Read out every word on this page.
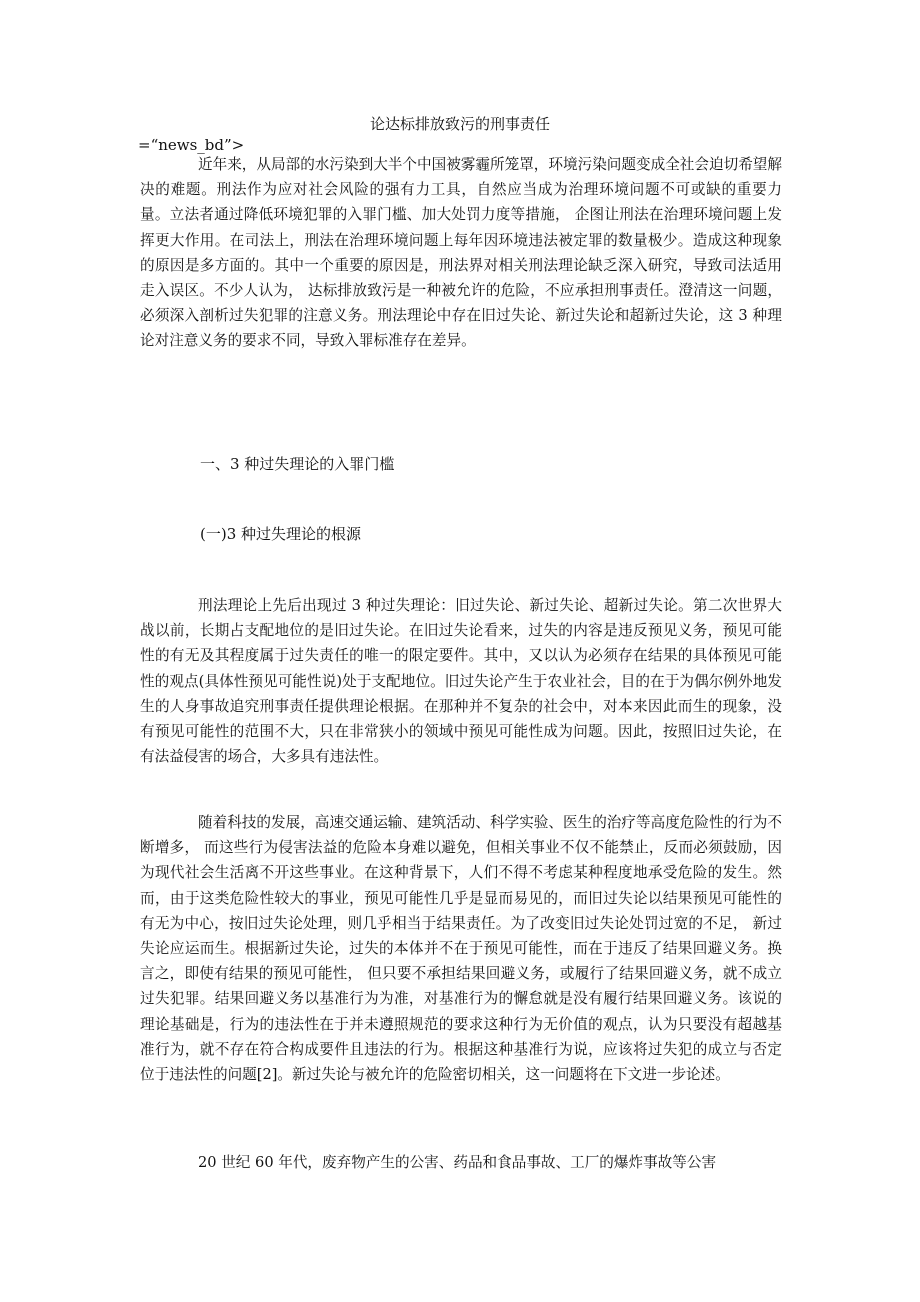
论达标排放致污的刑事责任
=“news_bd”>

近年来，从局部的水污染到大半个中国被雾霾所笼罩，环境污染问题变成全社会迫切希望解决的难题。刑法作为应对社会风险的强有力工具，自然应当成为治理环境问题不可或缺的重要力量。立法者通过降低环境犯罪的入罪门槛、加大处罚力度等措施， 企图让刑法在治理环境问题上发挥更大作用。在司法上，刑法在治理环境问题上每年因环境违法被定罪的数量极少。造成这种现象的原因是多方面的。其中一个重要的原因是，刑法界对相关刑法理论缺乏深入研究，导致司法适用走入误区。不少人认为， 达标排放致污是一种被允许的危险，不应承担刑事责任。澄清这一问题，必须深入剖析过失犯罪的注意义务。刑法理论中存在旧过失论、新过失论和超新过失论，这 3 种理论对注意义务的要求不同，导致入罪标准存在差异。

一、3 种过失理论的入罪门槛

(一)3 种过失理论的根源

刑法理论上先后出现过 3 种过失理论：旧过失论、新过失论、超新过失论。第二次世界大战以前，长期占支配地位的是旧过失论。在旧过失论看来，过失的内容是违反预见义务，预见可能性的有无及其程度属于过失责任的唯一的限定要件。其中，又以认为必须存在结果的具体预见可能性的观点(具体性预见可能性说)处于支配地位。旧过失论产生于农业社会，目的在于为偶尔例外地发生的人身事故追究刑事责任提供理论根据。在那种并不复杂的社会中，对本来因此而生的现象，没有预见可能性的范围不大，只在非常狭小的领域中预见可能性成为问题。因此，按照旧过失论，在有法益侵害的场合，大多具有违法性。

随着科技的发展，高速交通运输、建筑活动、科学实验、医生的治疗等高度危险性的行为不断增多， 而这些行为侵害法益的危险本身难以避免，但相关事业不仅不能禁止，反而必须鼓励，因为现代社会生活离不开这些事业。在这种背景下，人们不得不考虑某种程度地承受危险的发生。然而，由于这类危险性较大的事业，预见可能性几乎是显而易见的，而旧过失论以结果预见可能性的有无为中心，按旧过失论处理，则几乎相当于结果责任。为了改变旧过失论处罚过宽的不足， 新过失论应运而生。根据新过失论，过失的本体并不在于预见可能性，而在于违反了结果回避义务。换言之，即使有结果的预见可能性， 但只要不承担结果回避义务，或履行了结果回避义务，就不成立过失犯罪。结果回避义务以基准行为为准，对基准行为的懈怠就是没有履行结果回避义务。该说的理论基础是，行为的违法性在于并未遵照规范的要求这种行为无价值的观点，认为只要没有超越基准行为，就不存在符合构成要件且违法的行为。根据这种基准行为说，应该将过失犯的成立与否定位于违法性的问题[2]。新过失论与被允许的危险密切相关，这一问题将在下文进一步论述。

20 世纪 60 年代，废弃物产生的公害、药品和食品事故、工厂的爆炸事故等公害
